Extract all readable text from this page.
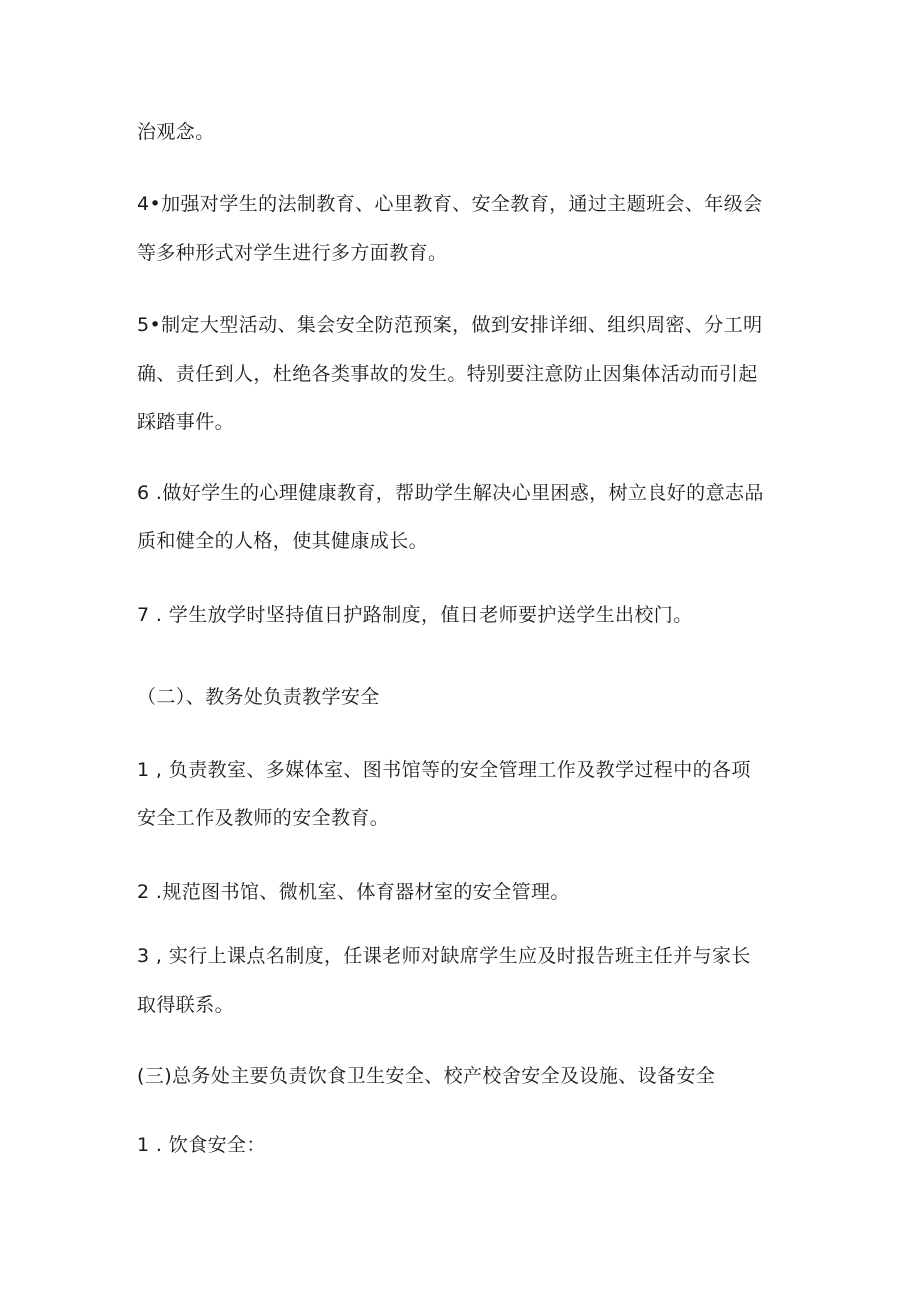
治观念。
4•加强对学生的法制教育、心里教育、安全教育，通过主题班会、年级会
等多种形式对学生进行多方面教育。
5•制定大型活动、集会安全防范预案，做到安排详细、组织周密、分工明
确、责任到人，杜绝各类事故的发生。特别要注意防止因集体活动而引起
踩踏事件。
6 .做好学生的心理健康教育，帮助学生解决心里困惑，树立良好的意志品
质和健全的人格，使其健康成长。
7 . 学生放学时坚持值日护路制度，值日老师要护送学生出校门。
（二）、教务处负责教学安全
1 , 负责教室、多媒体室、图书馆等的安全管理工作及教学过程中的各项
安全工作及教师的安全教育。
2 .规范图书馆、微机室、体育器材室的安全管理。
3 , 实行上课点名制度，任课老师对缺席学生应及时报告班主任并与家长
取得联系。
(三)总务处主要负责饮食卫生安全、校产校舍安全及设施、设备安全
1 . 饮食安全：
